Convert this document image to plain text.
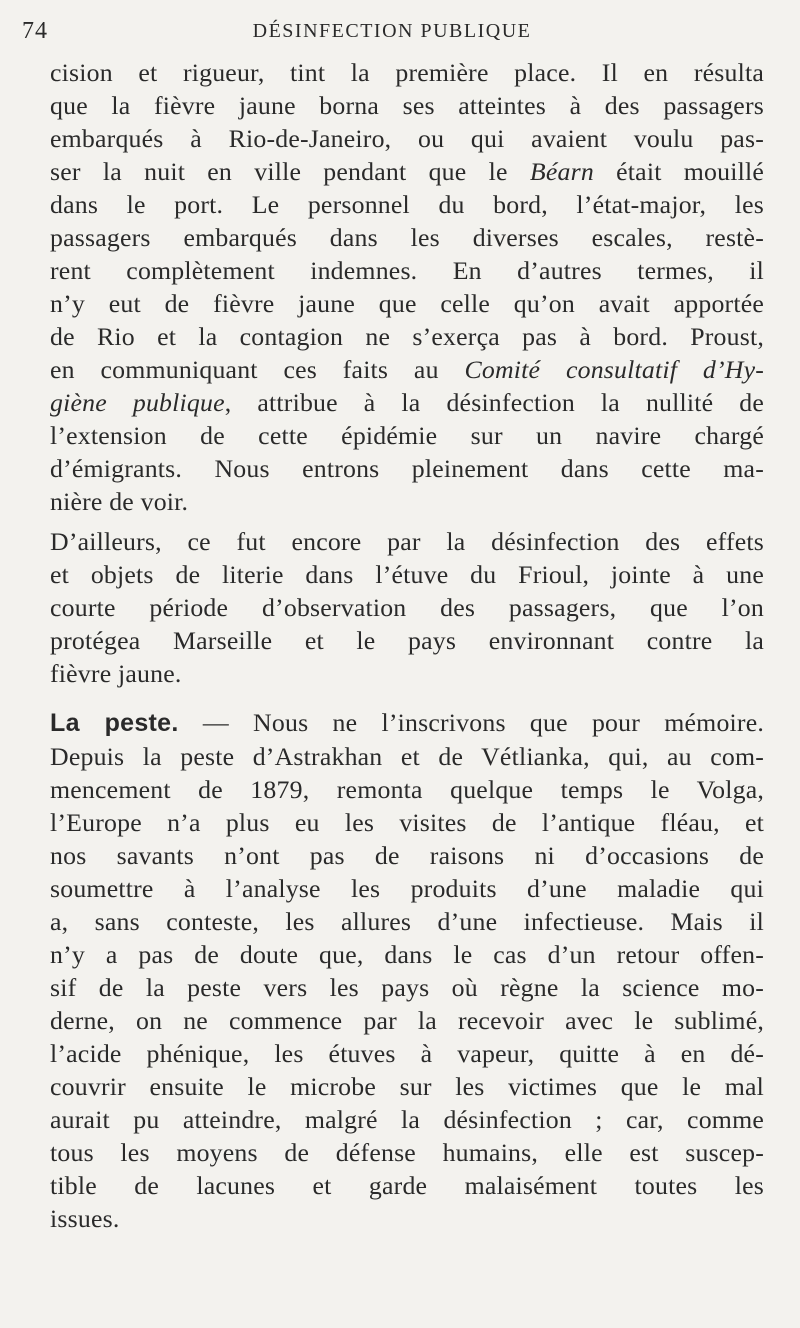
74	DÉSINFECTION PUBLIQUE
cision et rigueur, tint la première place. Il en résulta
que la fièvre jaune borna ses atteintes à des passagers
embarqués à Rio-de-Janeiro, ou qui avaient voulu pas-
ser la nuit en ville pendant que le Béarn était mouillé
dans le port. Le personnel du bord, l’état-major, les
passagers embarqués dans les diverses escales, restè-
rent complètement indemnes. En d’autres termes, il
n’y eut de fièvre jaune que celle qu’on avait apportée
de Rio et la contagion ne s’exerça pas à bord. Proust,
en communiquant ces faits au Comité consultatif d’Hy-
giène publique, attribue à la désinfection la nullité de
l’extension de cette épidémie sur un navire chargé
d’émigrants. Nous entrons pleinement dans cette ma-
nière de voir.
D’ailleurs, ce fut encore par la désinfection des effets
et objets de literie dans l’étuve du Frioul, jointe à une
courte période d’observation des passagers, que l’on
protégea Marseille et le pays environnant contre la
fièvre jaune.
La peste. — Nous ne l’inscrivons que pour mémoire.
Depuis la peste d’Astrakhan et de Vétlianka, qui, au com-
mencement de 1879, remonta quelque temps le Volga,
l’Europe n’a plus eu les visites de l’antique fléau, et
nos savants n’ont pas de raisons ni d’occasions de
soumettre à l’analyse les produits d’une maladie qui
a, sans conteste, les allures d’une infectieuse. Mais il
n’y a pas de doute que, dans le cas d’un retour offen-
sif de la peste vers les pays où règne la science mo-
derne, on ne commence par la recevoir avec le sublimé,
l’acide phénique, les étuves à vapeur, quitte à en dé-
couvrir ensuite le microbe sur les victimes que le mal
aurait pu atteindre, malgré la désinfection ; car, comme
tous les moyens de défense humains, elle est suscep-
tible de lacunes et garde malaisément toutes les
issues.
